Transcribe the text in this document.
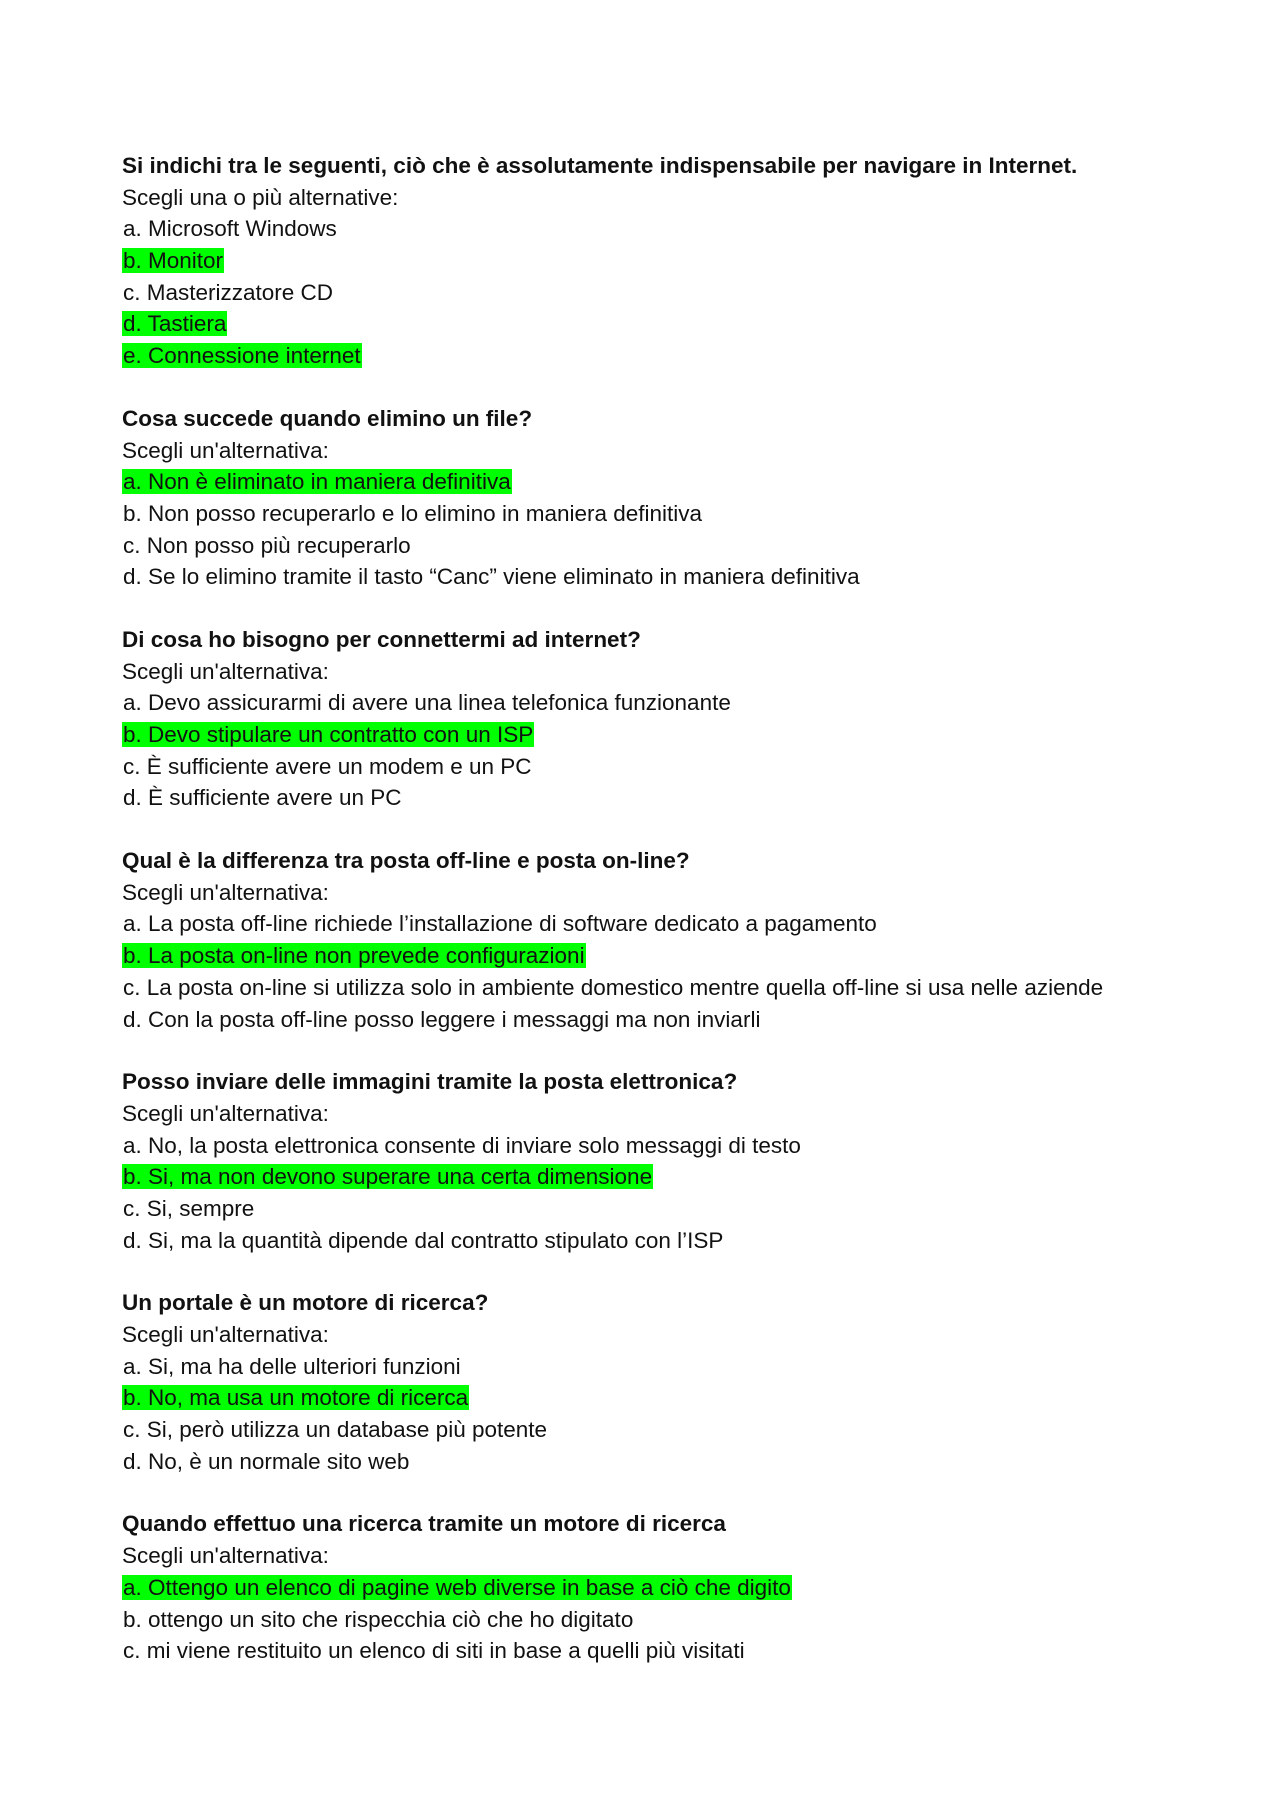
Si indichi tra le seguenti, ciò che è assolutamente indispensabile per navigare in Internet.
Scegli una o più alternative:
a. Microsoft Windows
b. Monitor
c. Masterizzatore CD
d. Tastiera
e. Connessione internet
Cosa succede quando elimino un file?
Scegli un'alternativa:
a. Non è eliminato in maniera definitiva
b. Non posso recuperarlo e lo elimino in maniera definitiva
c. Non posso più recuperarlo
d. Se lo elimino tramite il tasto “Canc” viene eliminato in maniera definitiva
Di cosa ho bisogno per connettermi ad internet?
Scegli un'alternativa:
a. Devo assicurarmi di avere una linea telefonica funzionante
b. Devo stipulare un contratto con un ISP
c. È sufficiente avere un modem e un PC
d. È sufficiente avere un PC
Qual è la differenza tra posta off-line e posta on-line?
Scegli un'alternativa:
a. La posta off-line richiede l’installazione di software dedicato a pagamento
b. La posta on-line non prevede configurazioni
c. La posta on-line si utilizza solo in ambiente domestico mentre quella off-line si usa nelle aziende
d. Con la posta off-line posso leggere i messaggi ma non inviarli
Posso inviare delle immagini tramite la posta elettronica?
Scegli un'alternativa:
a. No, la posta elettronica consente di inviare solo messaggi di testo
b. Si, ma non devono superare una certa dimensione
c. Si, sempre
d. Si, ma la quantità dipende dal contratto stipulato con l’ISP
Un portale è un motore di ricerca?
Scegli un'alternativa:
a. Si, ma ha delle ulteriori funzioni
b. No, ma usa un motore di ricerca
c. Si, però utilizza un database più potente
d. No, è un normale sito web
Quando effettuo una ricerca tramite un motore di ricerca
Scegli un'alternativa:
a. Ottengo un elenco di pagine web diverse in base a ciò che digito
b. ottengo un sito che rispecchia ciò che ho digitato
c. mi viene restituito un elenco di siti in base a quelli più visitati
